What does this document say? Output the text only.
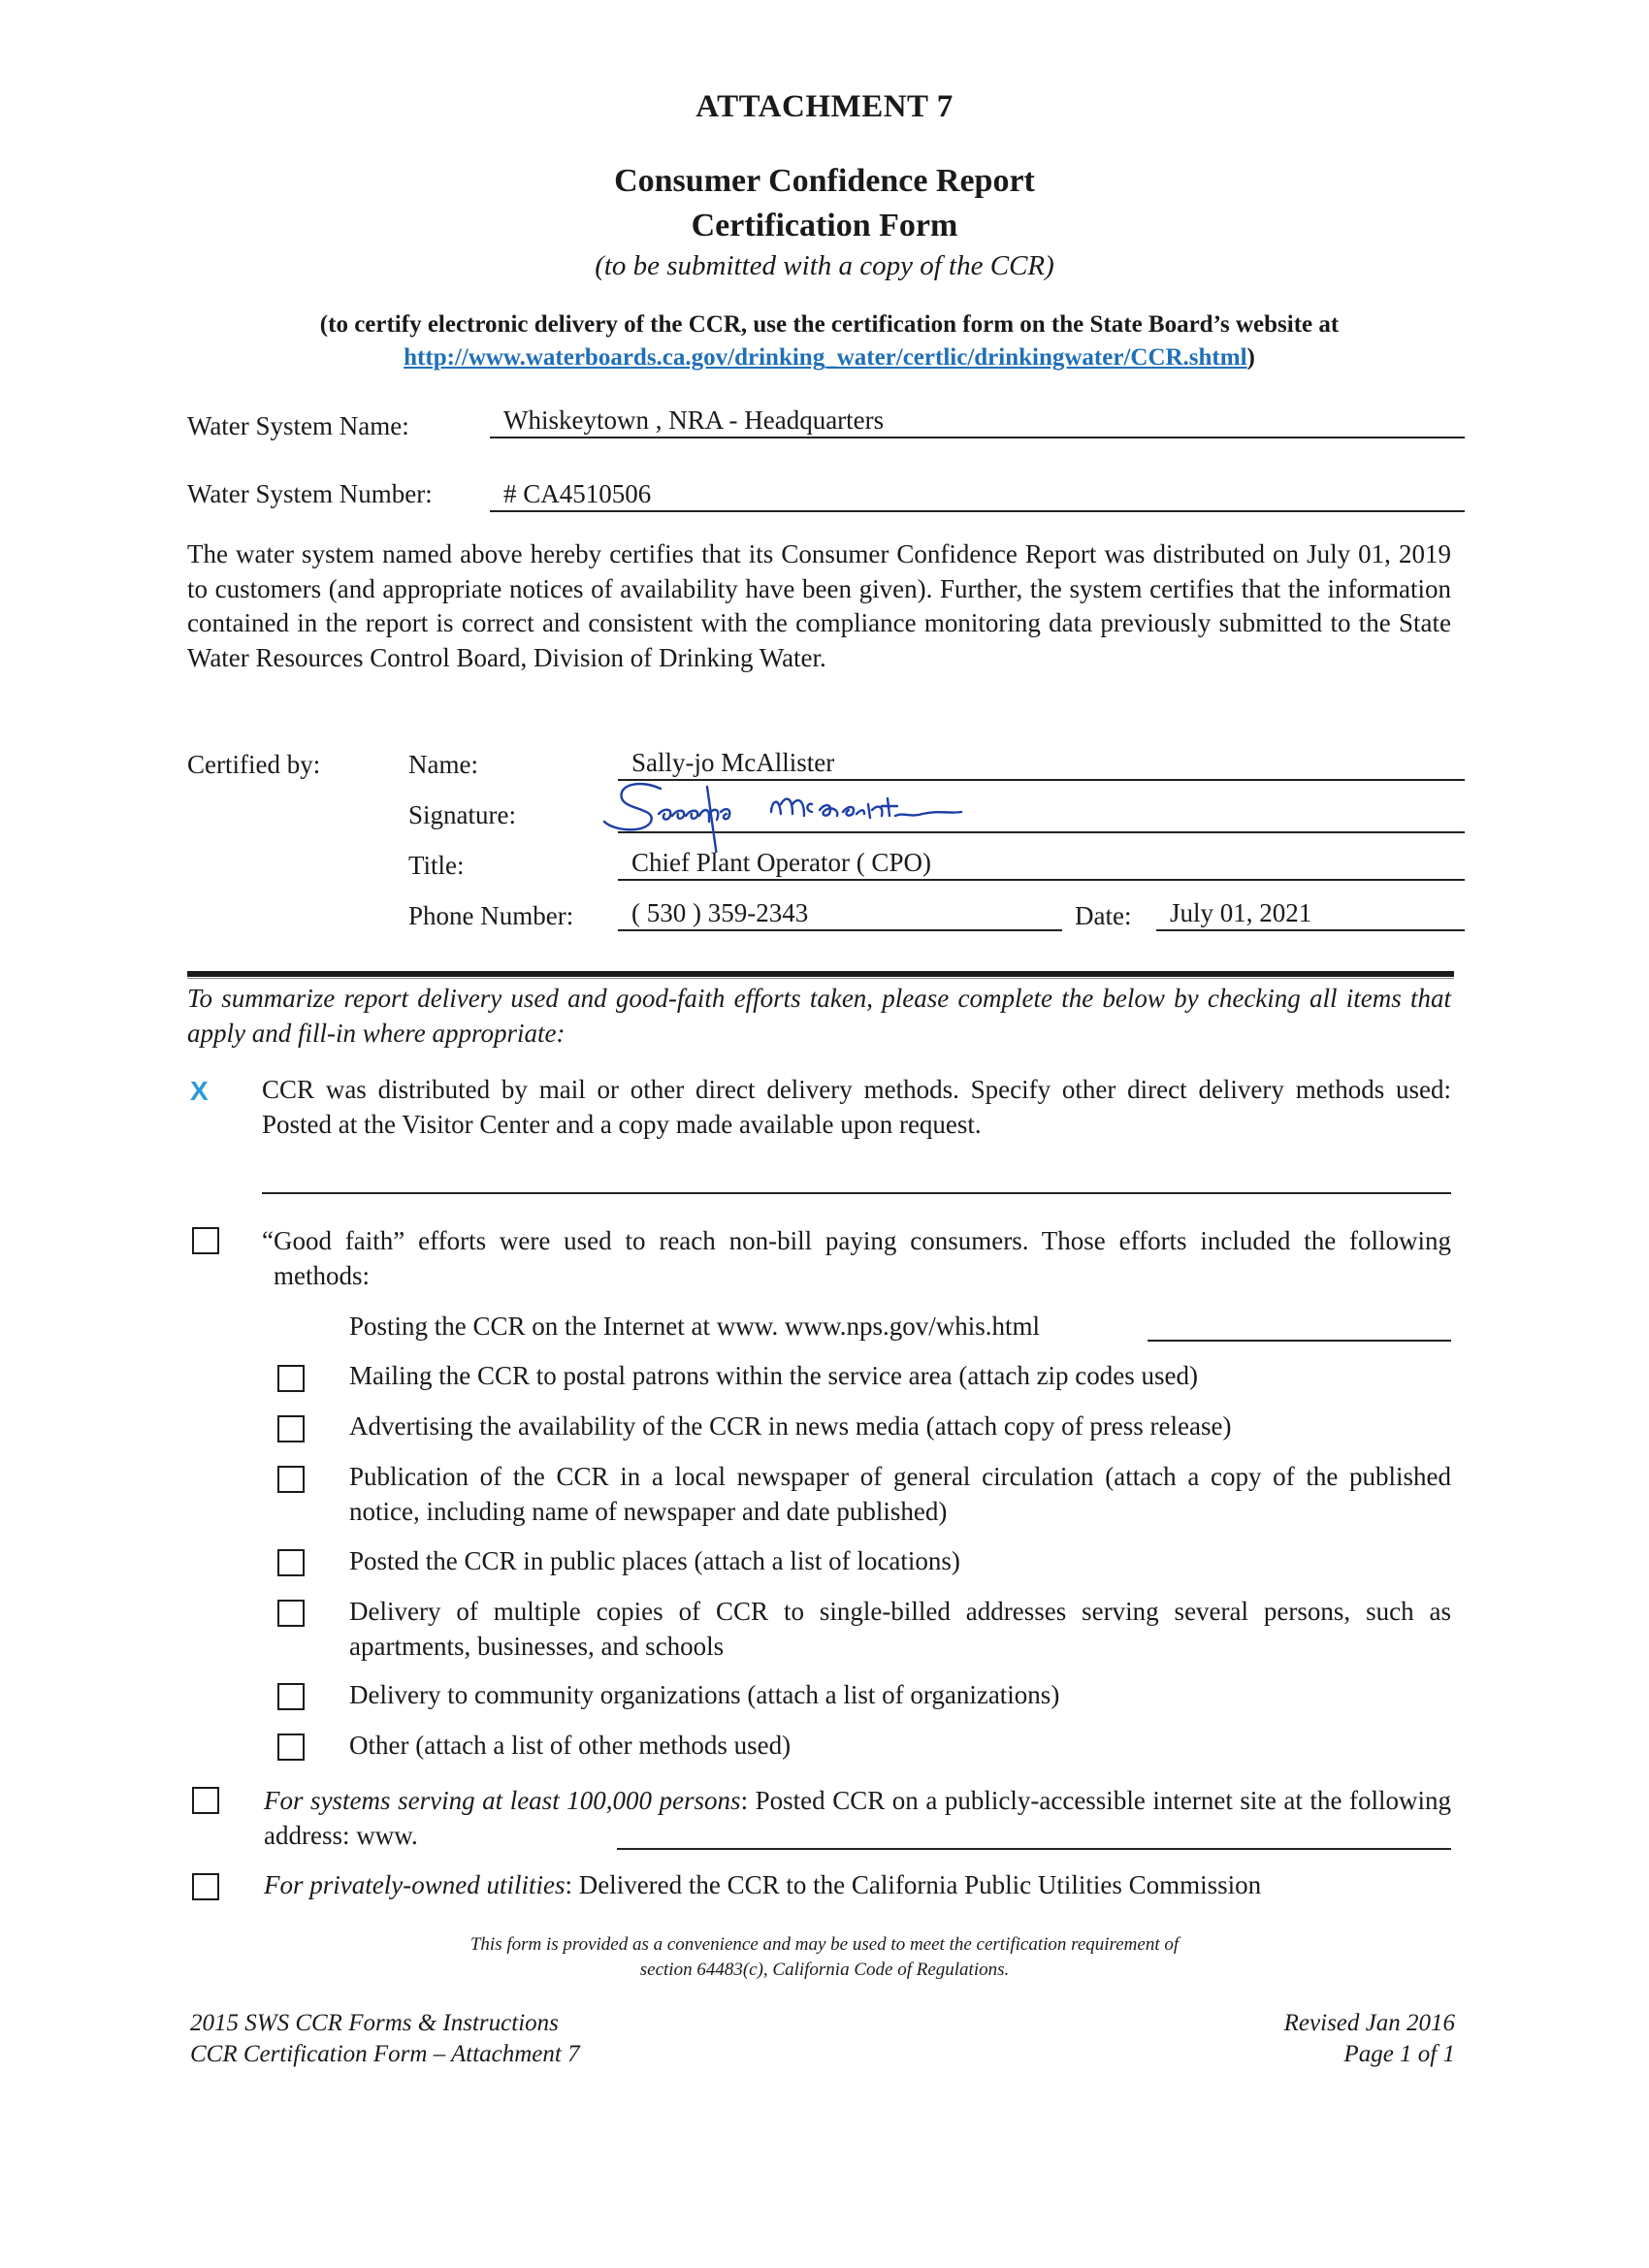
ATTACHMENT 7
Consumer Confidence Report
Certification Form
(to be submitted with a copy of the CCR)
(to certify electronic delivery of the CCR, use the certification form on the State Board’s website at
http://www.waterboards.ca.gov/drinking_water/certlic/drinkingwater/CCR.shtml)
Water System Name:	Whiskeytown , NRA - Headquarters
Water System Number:	# CA4510506
The water system named above hereby certifies that its Consumer Confidence Report was distributed on July 01, 2019 to customers (and appropriate notices of availability have been given). Further, the system certifies that the information contained in the report is correct and consistent with the compliance monitoring data previously submitted to the State Water Resources Control Board, Division of Drinking Water.
Certified by:	Name:	Sally-jo McAllister
Signature:
Title:	Chief Plant Operator ( CPO)
Phone Number:	( 530 ) 359-2343	Date:	July 01, 2021
To summarize report delivery used and good-faith efforts taken, please complete the below by checking all items that apply and fill-in where appropriate:
X CCR was distributed by mail or other direct delivery methods. Specify other direct delivery methods used: Posted at the Visitor Center and a copy made available upon request.
“Good faith” efforts were used to reach non-bill paying consumers. Those efforts included the following methods:
Posting the CCR on the Internet at www. www.nps.gov/whis.html
Mailing the CCR to postal patrons within the service area (attach zip codes used)
Advertising the availability of the CCR in news media (attach copy of press release)
Publication of the CCR in a local newspaper of general circulation (attach a copy of the published notice, including name of newspaper and date published)
Posted the CCR in public places (attach a list of locations)
Delivery of multiple copies of CCR to single-billed addresses serving several persons, such as apartments, businesses, and schools
Delivery to community organizations (attach a list of organizations)
Other (attach a list of other methods used)
For systems serving at least 100,000 persons: Posted CCR on a publicly-accessible internet site at the following address: www.
For privately-owned utilities: Delivered the CCR to the California Public Utilities Commission
This form is provided as a convenience and may be used to meet the certification requirement of
section 64483(c), California Code of Regulations.
2015 SWS CCR Forms & Instructions
CCR Certification Form – Attachment 7
Revised Jan 2016
Page 1 of 1
